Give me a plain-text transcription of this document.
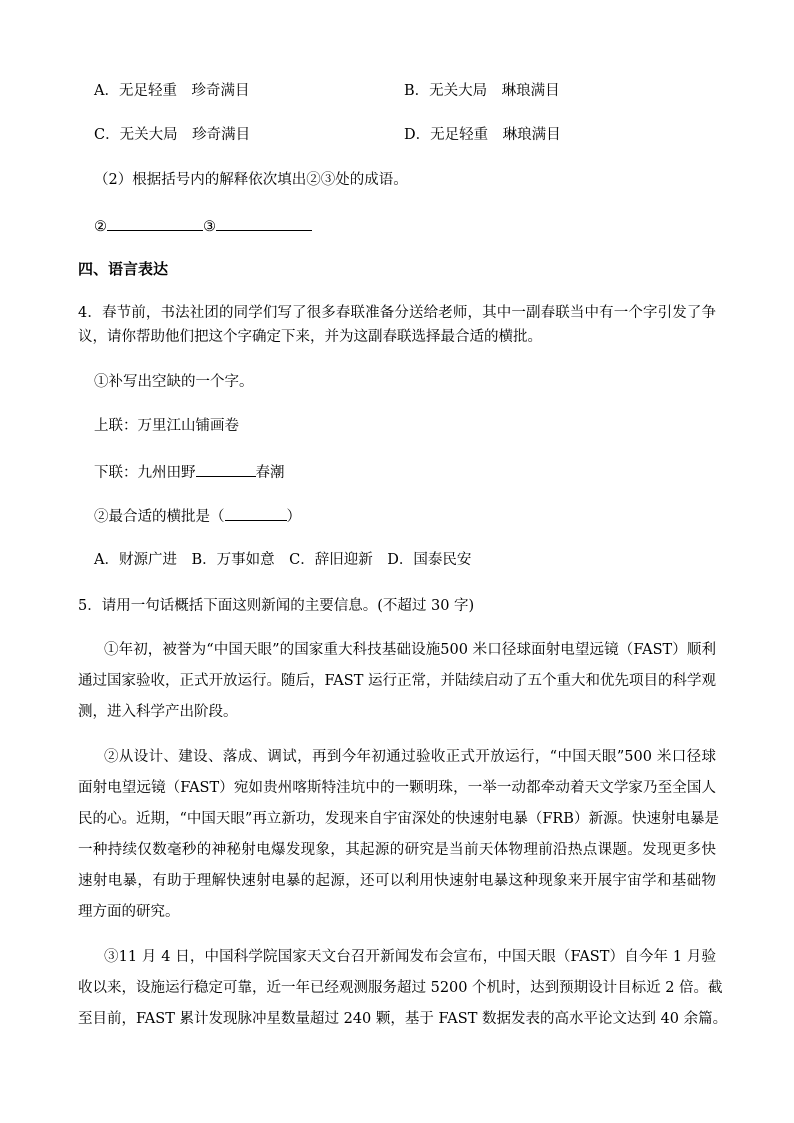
A．无足轻重　珍奇满目	B．无关大局　琳琅满目
C．无关大局　珍奇满目	D．无足轻重　琳琅满目
（2）根据括号内的解释依次填出②③处的成语。
②	③
四、语言表达
4．春节前，书法社团的同学们写了很多春联准备分送给老师，其中一副春联当中有一个字引发了争
议，请你帮助他们把这个字确定下来，并为这副春联选择最合适的横批。
①补写出空缺的一个字。
上联：万里江山铺画卷
下联：九州田野	春潮
②最合适的横批是（	）
A．财源广进　B．万事如意　C．辞旧迎新　D．国泰民安
5．请用一句话概括下面这则新闻的主要信息。(不超过 30 字)
①年初，被誉为“中国天眼”的国家重大科技基础设施500 米口径球面射电望远镜（FAST）顺利
通过国家验收，正式开放运行。随后，FAST 运行正常，并陆续启动了五个重大和优先项目的科学观
测，进入科学产出阶段。
②从设计、建设、落成、调试，再到今年初通过验收正式开放运行，“中国天眼”500 米口径球
面射电望远镜（FAST）宛如贵州喀斯特洼坑中的一颗明珠，一举一动都牵动着天文学家乃至全国人
民的心。近期，“中国天眼”再立新功，发现来自宇宙深处的快速射电暴（FRB）新源。快速射电暴是
一种持续仅数毫秒的神秘射电爆发现象，其起源的研究是当前天体物理前沿热点课题。发现更多快
速射电暴，有助于理解快速射电暴的起源，还可以利用快速射电暴这种现象来开展宇宙学和基础物
理方面的研究。
③11 月 4 日，中国科学院国家天文台召开新闻发布会宣布，中国天眼（FAST）自今年 1 月验
收以来，设施运行稳定可靠，近一年已经观测服务超过 5200 个机时，达到预期设计目标近 2 倍。截
至目前，FAST 累计发现脉冲星数量超过 240 颗，基于 FAST 数据发表的高水平论文达到 40 余篇。
